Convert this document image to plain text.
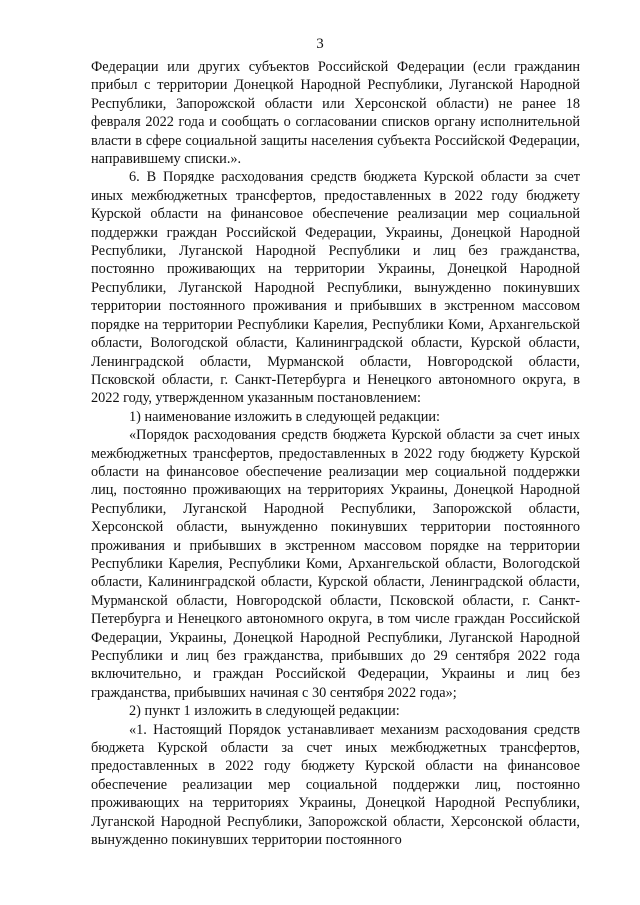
3

Федерации или других субъектов Российской Федерации (если гражданин прибыл с территории Донецкой Народной Республики, Луганской Народной Республики, Запорожской области или Херсонской области) не ранее 18 февраля 2022 года и сообщать о согласовании списков органу исполнительной власти в сфере социальной защиты населения субъекта Российской Федерации, направившему списки.».

6. В Порядке расходования средств бюджета Курской области за счет иных межбюджетных трансфертов, предоставленных в 2022 году бюджету Курской области на финансовое обеспечение реализации мер социальной поддержки граждан Российской Федерации, Украины, Донецкой Народной Республики, Луганской Народной Республики и лиц без гражданства, постоянно проживающих на территории Украины, Донецкой Народной Республики, Луганской Народной Республики, вынужденно покинувших территории постоянного проживания и прибывших в экстренном массовом порядке на территории Республики Карелия, Республики Коми, Архангельской области, Вологодской области, Калининградской области, Курской области, Ленинградской области, Мурманской области, Новгородской области, Псковской области, г. Санкт-Петербурга и Ненецкого автономного округа, в 2022 году, утвержденном указанным постановлением:

1) наименование изложить в следующей редакции:

«Порядок расходования средств бюджета Курской области за счет иных межбюджетных трансфертов, предоставленных в 2022 году бюджету Курской области на финансовое обеспечение реализации мер социальной поддержки лиц, постоянно проживающих на территориях Украины, Донецкой Народной Республики, Луганской Народной Республики, Запорожской области, Херсонской области, вынужденно покинувших территории постоянного проживания и прибывших в экстренном массовом порядке на территории Республики Карелия, Республики Коми, Архангельской области, Вологодской области, Калининградской области, Курской области, Ленинградской области, Мурманской области, Новгородской области, Псковской области, г. Санкт-Петербурга и Ненецкого автономного округа, в том числе граждан Российской Федерации, Украины, Донецкой Народной Республики, Луганской Народной Республики и лиц без гражданства, прибывших до 29 сентября 2022 года включительно, и граждан Российской Федерации, Украины и лиц без гражданства, прибывших начиная с 30 сентября 2022 года»;

2) пункт 1 изложить в следующей редакции:

«1. Настоящий Порядок устанавливает механизм расходования средств бюджета Курской области за счет иных межбюджетных трансфертов, предоставленных в 2022 году бюджету Курской области на финансовое обеспечение реализации мер социальной поддержки лиц, постоянно проживающих на территориях Украины, Донецкой Народной Республики, Луганской Народной Республики, Запорожской области, Херсонской области, вынужденно покинувших территории постоянного
